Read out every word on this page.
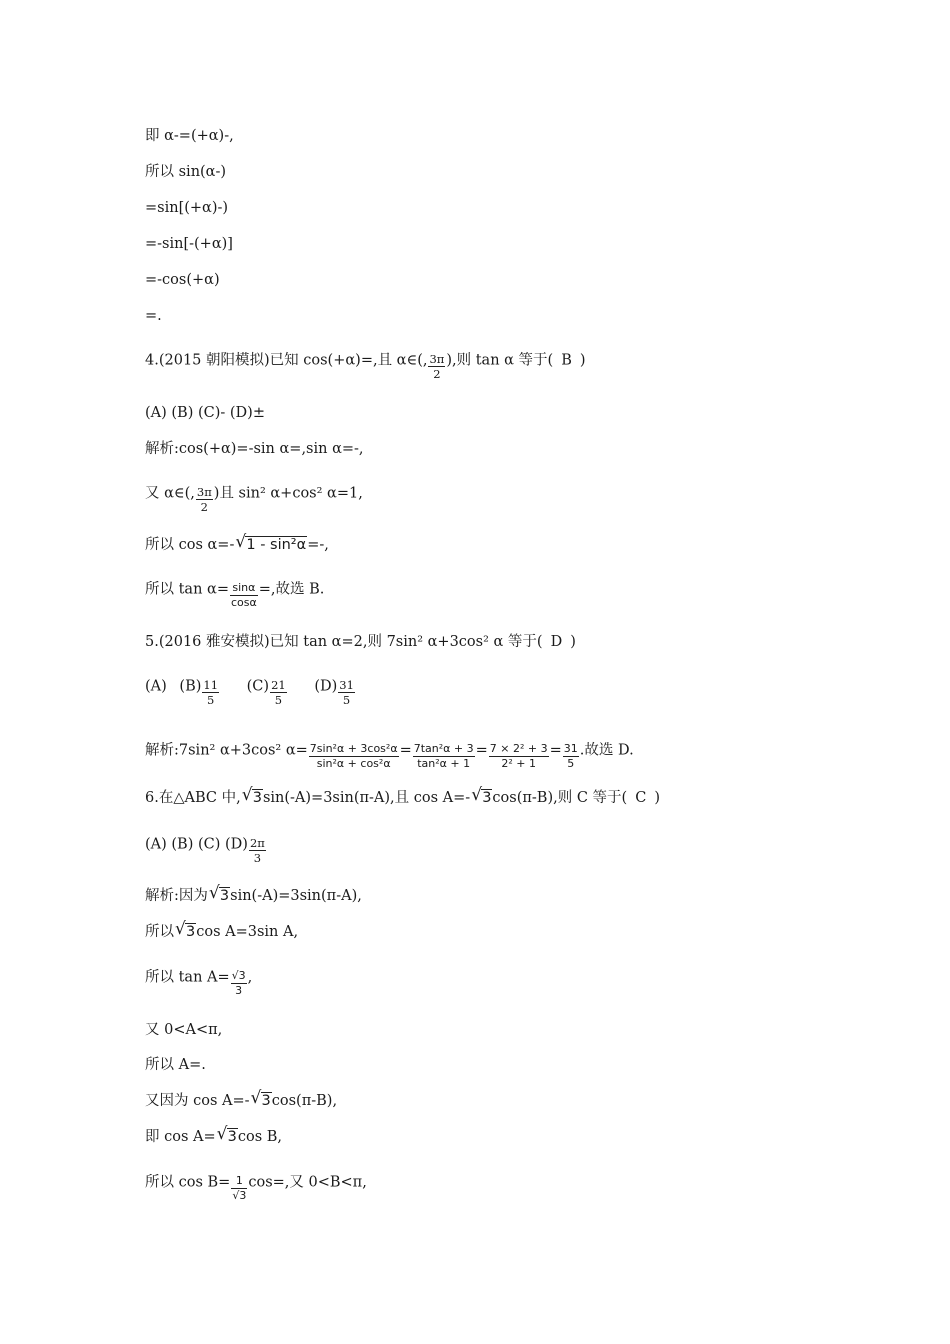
即 α-=(+α)-,
所以 sin(α-)
=sin[(+α)-)
=-sin[-(+α)]
=-cos(+α)
=.
4.(2015 朝阳模拟)已知 cos(+α)=,且 α∈(, $\frac{3\pi}{2}$ ),则 tan α 等于( B )
(A) (B) (C)- (D)±
解析:cos(+α)=-sin α=,sin α=-,
又 α∈(, $\frac{3\pi}{2}$ )且 sin² α+cos² α=1,
所以 cos α=- √ 1 - sin²α=-,
所以 $\tan \alpha= \frac{\sin\alpha}{\cos\alpha}$ =,故选 B.
5.(2016 雅安模拟)已知 tan α=2,则 7sin² α+3cos² α 等于( D )
(A) $(B) \frac{11}{5} (C) \frac{21}{5} (D) \frac{31}{5}$
解析:7sin² α+3cos² $\alpha= \frac{\text{7sin²α + 3cos²α}}{\text{sin²α + cos²α}} = \frac{\text{7tan²α + 3}}{\text{tan²α + 1}} = \frac{\text{7 × 2² + 3}}{\text{2² + 1}} = \frac{31}{5}$ .故选 D.
6.在△ABC 中, √ 3sin(-A)=3sin(π-A),且 cos A=- √ 3cos(π-B),则 C 等于( C )
(A) (B) (C) $(D) \frac{2\pi}{3}$
解析:因为 √ 3sin(-A)=3sin(π-A),
所以 √ 3cos A=3sin A,
所以 $\tan A= \frac{√3}{3}$ ,
又 0<A<π,
所以 A=.
又因为 cos A=- √ 3cos(π-B),
即 cos A= √ 3cos B,
所以 $\cos B= \frac{1}{√3} \cos=$,又 0<B<π,
